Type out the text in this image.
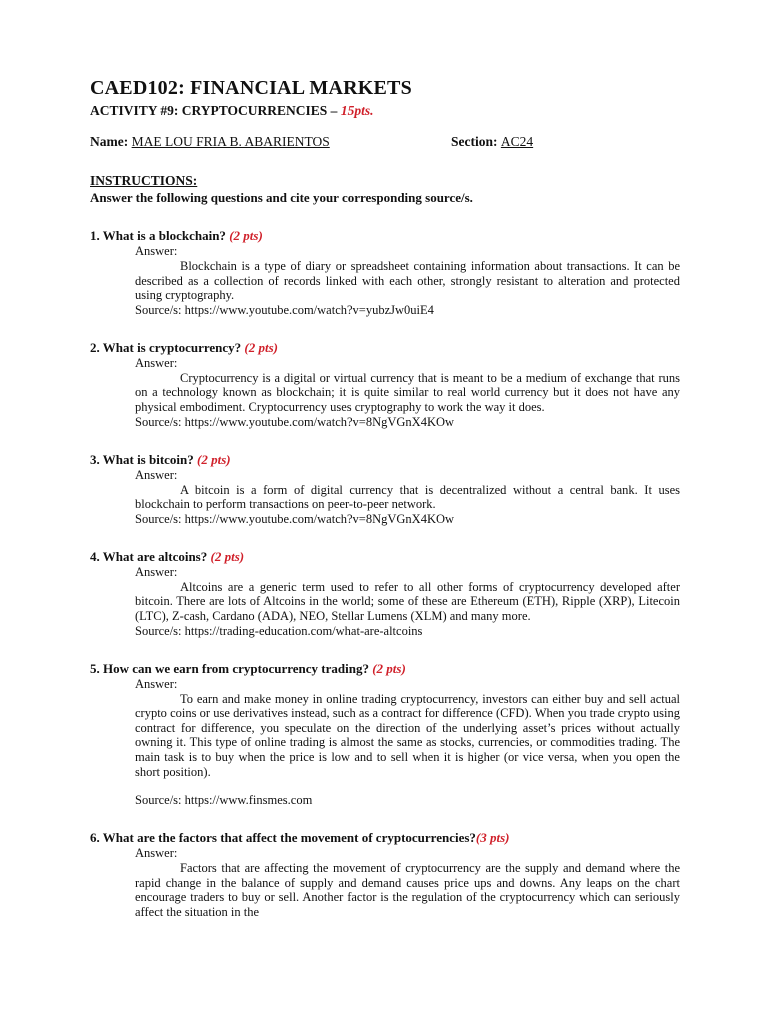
CAED102: FINANCIAL MARKETS
ACTIVITY #9: CRYPTOCURRENCIES – 15pts.
Name: MAE LOU FRIA B. ABARIENTOS	Section: AC24
INSTRUCTIONS:
Answer the following questions and cite your corresponding source/s.
1. What is a blockchain? (2 pts)
Answer:
Blockchain is a type of diary or spreadsheet containing information about transactions. It can be described as a collection of records linked with each other, strongly resistant to alteration and protected using cryptography.
Source/s: https://www.youtube.com/watch?v=yubzJw0uiE4
2. What is cryptocurrency? (2 pts)
Answer:
Cryptocurrency is a digital or virtual currency that is meant to be a medium of exchange that runs on a technology known as blockchain; it is quite similar to real world currency but it does not have any physical embodiment. Cryptocurrency uses cryptography to work the way it does.
Source/s: https://www.youtube.com/watch?v=8NgVGnX4KOw
3. What is bitcoin? (2 pts)
Answer:
A bitcoin is a form of digital currency that is decentralized without a central bank. It uses blockchain to perform transactions on peer-to-peer network.
Source/s: https://www.youtube.com/watch?v=8NgVGnX4KOw
4. What are altcoins? (2 pts)
Answer:
Altcoins are a generic term used to refer to all other forms of cryptocurrency developed after bitcoin. There are lots of Altcoins in the world; some of these are Ethereum (ETH), Ripple (XRP), Litecoin (LTC), Z-cash, Cardano (ADA), NEO, Stellar Lumens (XLM) and many more.
Source/s: https://trading-education.com/what-are-altcoins
5. How can we earn from cryptocurrency trading? (2 pts)
Answer:
To earn and make money in online trading cryptocurrency, investors can either buy and sell actual crypto coins or use derivatives instead, such as a contract for difference (CFD). When you trade crypto using contract for difference, you speculate on the direction of the underlying asset’s prices without actually owning it. This type of online trading is almost the same as stocks, currencies, or commodities trading. The main task is to buy when the price is low and to sell when it is higher (or vice versa, when you open the short position).
Source/s: https://www.finsmes.com
6. What are the factors that affect the movement of cryptocurrencies?(3 pts)
Answer:
Factors that are affecting the movement of cryptocurrency are the supply and demand where the rapid change in the balance of supply and demand causes price ups and downs. Any leaps on the chart encourage traders to buy or sell. Another factor is the regulation of the cryptocurrency which can seriously affect the situation in the
